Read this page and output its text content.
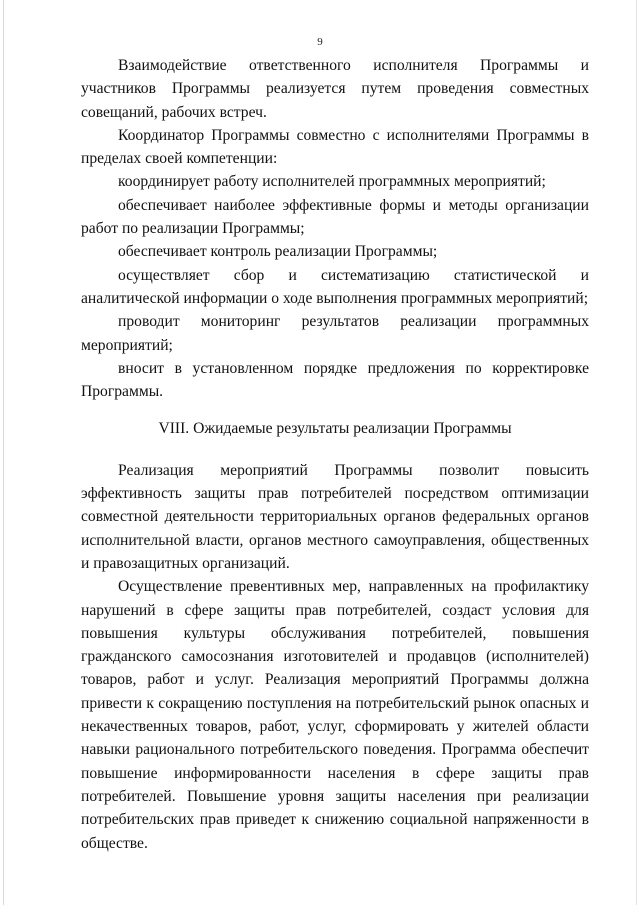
9

Взаимодействие ответственного исполнителя Программы и участников Программы реализуется путем проведения совместных совещаний, рабочих встреч.

Координатор Программы совместно с исполнителями Программы в пределах своей компетенции:

координирует работу исполнителей программных мероприятий;

обеспечивает наиболее эффективные формы и методы организации работ по реализации Программы;

обеспечивает контроль реализации Программы;

осуществляет сбор и систематизацию статистической и аналитической информации о ходе выполнения программных мероприятий;

проводит мониторинг результатов реализации программных мероприятий;

вносит в установленном порядке предложения по корректировке Программы.

VIII. Ожидаемые результаты реализации Программы

Реализация мероприятий Программы позволит повысить эффективность защиты прав потребителей посредством оптимизации совместной деятельности территориальных органов федеральных органов исполнительной власти, органов местного самоуправления, общественных и правозащитных организаций.

Осуществление превентивных мер, направленных на профилактику нарушений в сфере защиты прав потребителей, создаст условия для повышения культуры обслуживания потребителей, повышения гражданского самосознания изготовителей и продавцов (исполнителей) товаров, работ и услуг. Реализация мероприятий Программы должна привести к сокращению поступления на потребительский рынок опасных и некачественных товаров, работ, услуг, сформировать у жителей области навыки рационального потребительского поведения. Программа обеспечит повышение информированности населения в сфере защиты прав потребителей. Повышение уровня защиты населения при реализации потребительских прав приведет к снижению социальной напряженности в обществе.
